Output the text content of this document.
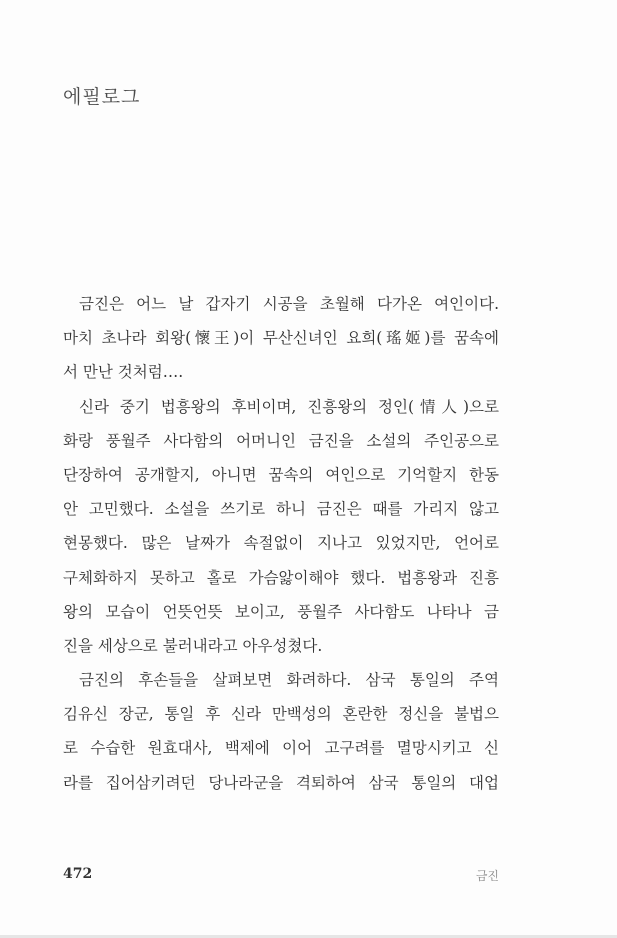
에필로그

금진은 어느 날 갑자기 시공을 초월해 다가온 여인이다.
마치 초나라 회왕(懷王)이 무산신녀인 요희(瑤姬)를 꿈속에
서 만난 것처럼….

신라 중기 법흥왕의 후비이며, 진흥왕의 정인(情人)으로
화랑 풍월주 사다함의 어머니인 금진을 소설의 주인공으로
단장하여 공개할지, 아니면 꿈속의 여인으로 기억할지 한동
안 고민했다. 소설을 쓰기로 하니 금진은 때를 가리지 않고
현몽했다. 많은 날짜가 속절없이 지나고 있었지만, 언어로
구체화하지 못하고 홀로 가슴앓이해야 했다. 법흥왕과 진흥
왕의 모습이 언뜻언뜻 보이고, 풍월주 사다함도 나타나 금
진을 세상으로 불러내라고 아우성쳤다.

금진의 후손들을 살펴보면 화려하다. 삼국 통일의 주역
김유신 장군, 통일 후 신라 만백성의 혼란한 정신을 불법으
로 수습한 원효대사, 백제에 이어 고구려를 멸망시키고 신
라를 집어삼키려던 당나라군을 격퇴하여 삼국 통일의 대업

472	금진
